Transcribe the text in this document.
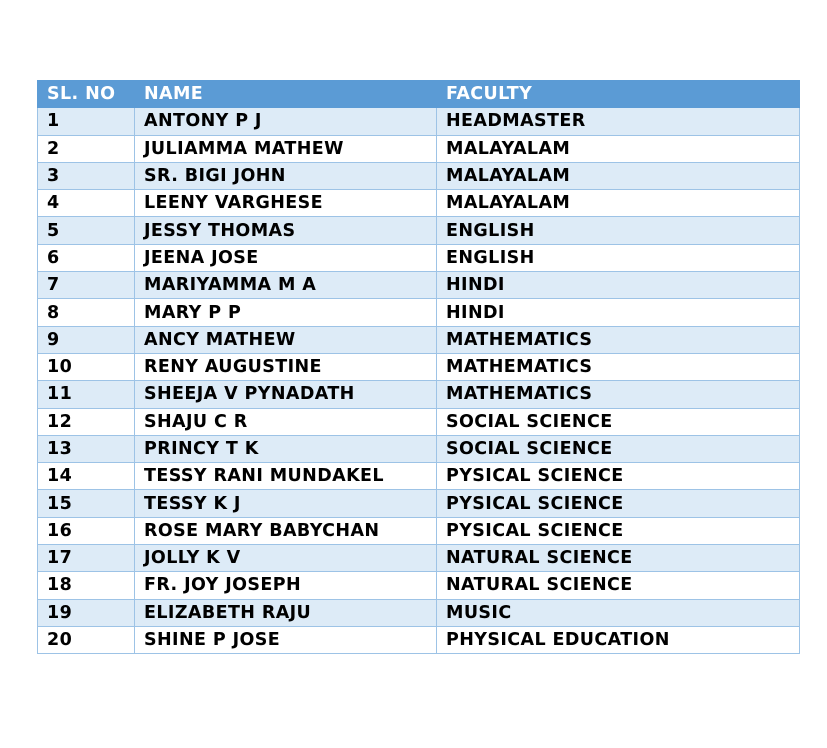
SL. NO	NAME	FACULTY
1	ANTONY P J	HEADMASTER
2	JULIAMMA MATHEW	MALAYALAM
3	SR. BIGI JOHN	MALAYALAM
4	LEENY VARGHESE	MALAYALAM
5	JESSY THOMAS	ENGLISH
6	JEENA JOSE	ENGLISH
7	MARIYAMMA M A	HINDI
8	MARY P P	HINDI
9	ANCY MATHEW	MATHEMATICS
10	RENY AUGUSTINE	MATHEMATICS
11	SHEEJA V PYNADATH	MATHEMATICS
12	SHAJU C R	SOCIAL SCIENCE
13	PRINCY T K	SOCIAL SCIENCE
14	TESSY RANI MUNDAKEL	PYSICAL SCIENCE
15	TESSY K J	PYSICAL SCIENCE
16	ROSE MARY BABYCHAN	PYSICAL SCIENCE
17	JOLLY K V	NATURAL SCIENCE
18	FR. JOY JOSEPH	NATURAL SCIENCE
19	ELIZABETH RAJU	MUSIC
20	SHINE P JOSE	PHYSICAL EDUCATION
